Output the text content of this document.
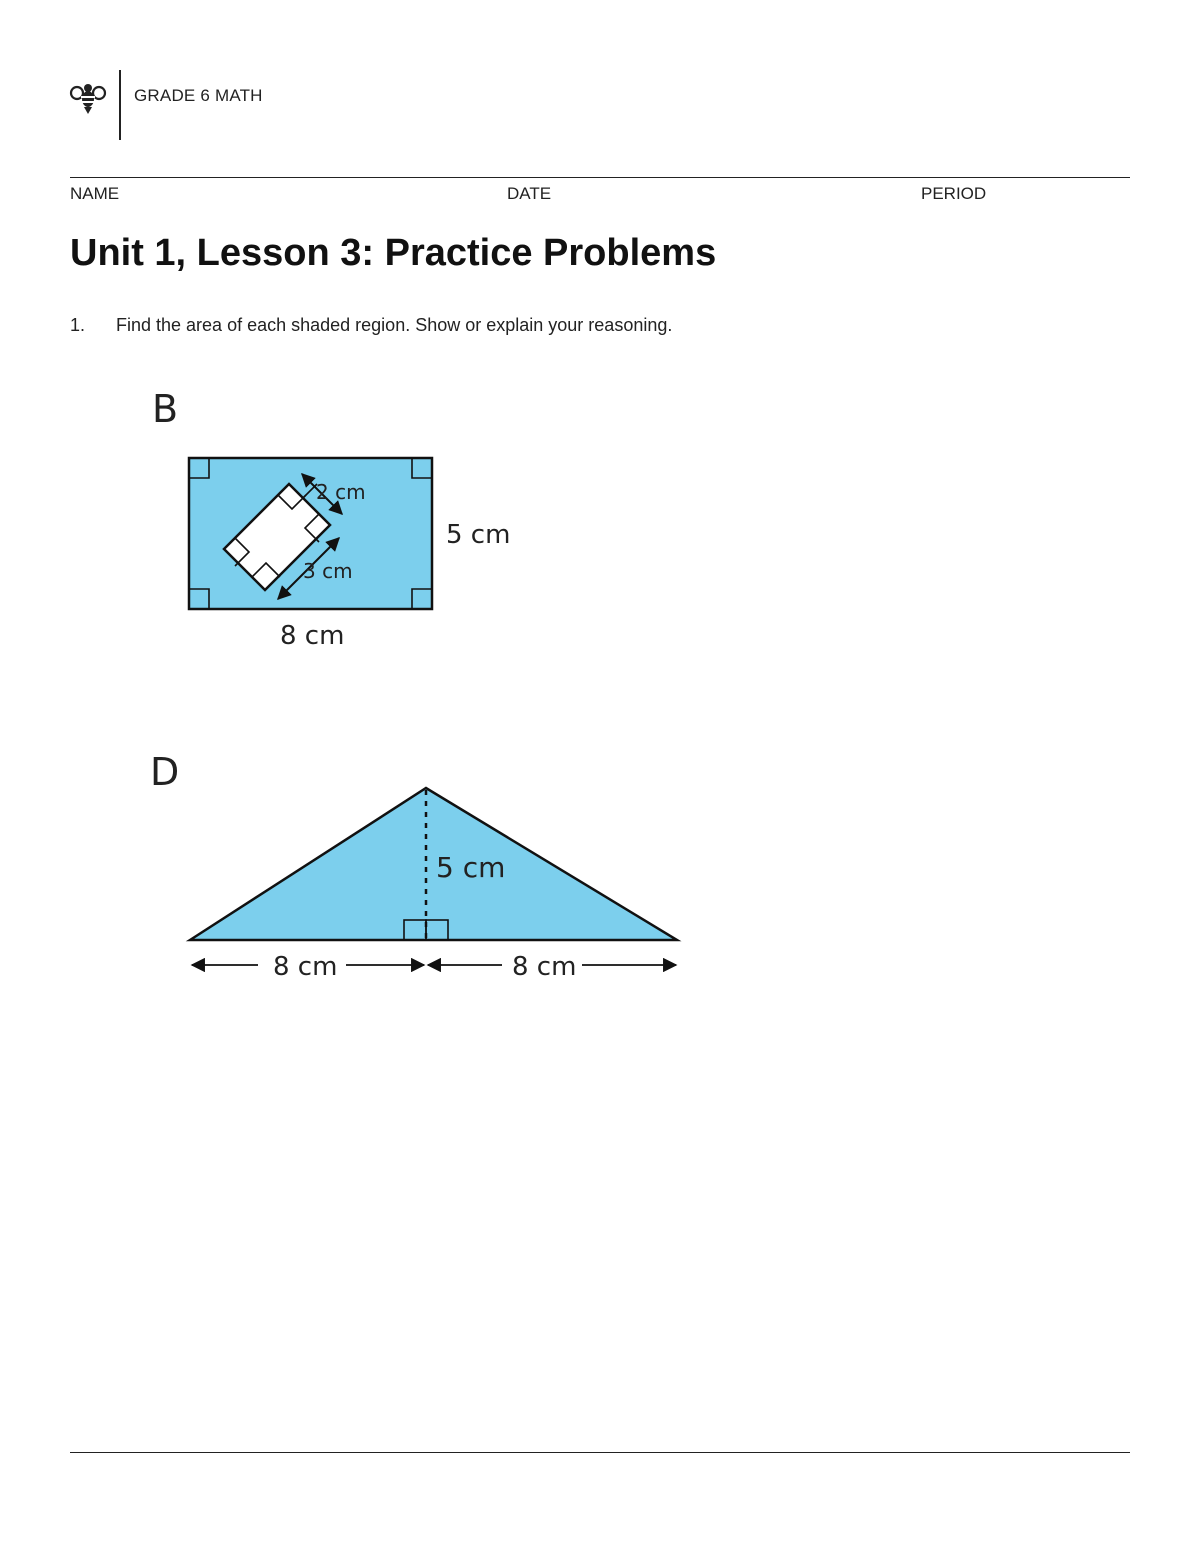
GRADE 6 MATH
NAME	DATE	PERIOD
Unit 1, Lesson 3: Practice Problems
1. Find the area of each shaded region. Show or explain your reasoning.
B
2 cm
3 cm
5 cm
8 cm
D
5 cm
8 cm	8 cm
